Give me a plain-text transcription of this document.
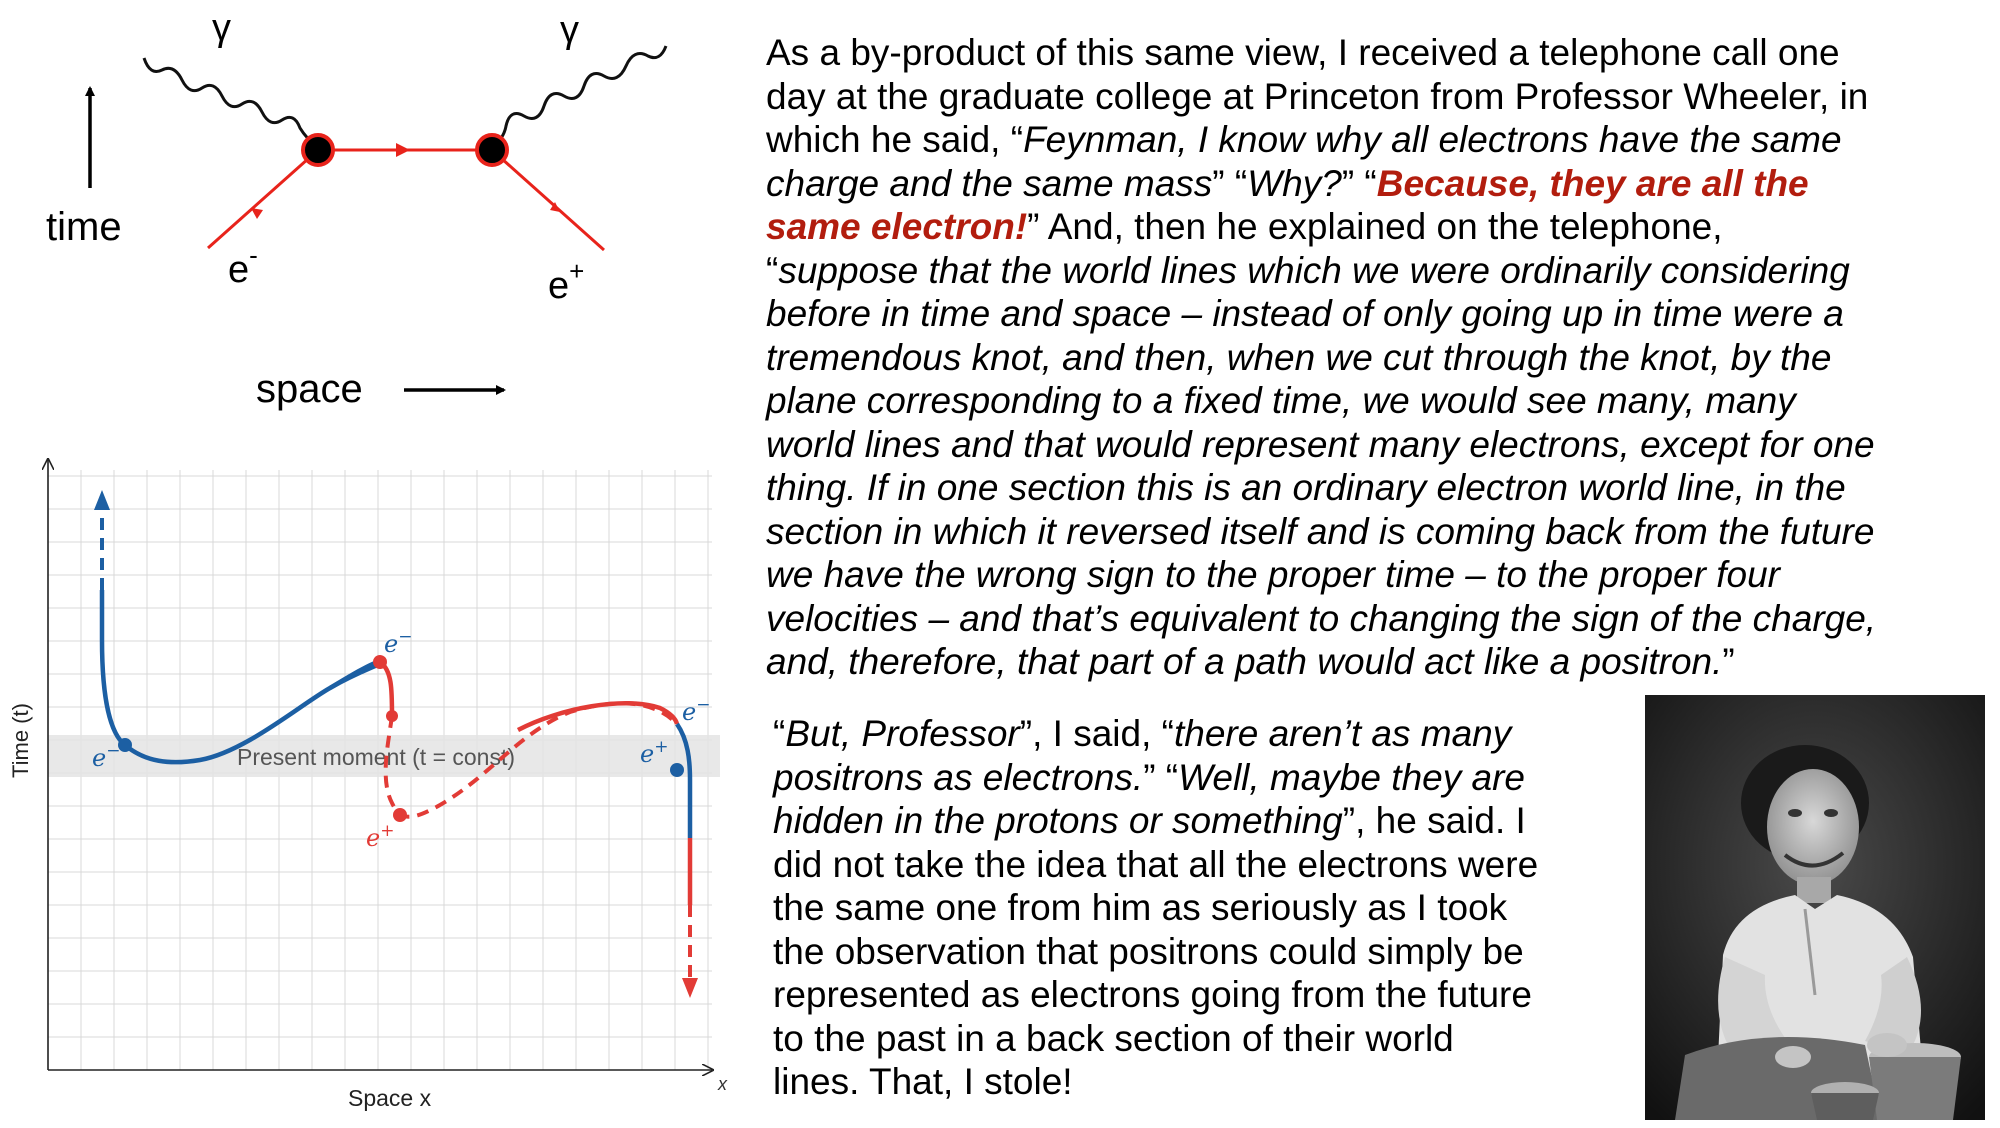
γ	γ
e-
e+
time
space
Present moment (t = const)
Time (t)
Space x
x
e−
e−
e+
e−
e+
As a by-product of this same view, I received a telephone call one
day at the graduate college at Princeton from Professor Wheeler, in
which he said, “Feynman, I know why all electrons have the same
charge and the same mass” “Why?” “Because, they are all the
same electron!” And, then he explained on the telephone,
“suppose that the world lines which we were ordinarily considering
before in time and space – instead of only going up in time were a
tremendous knot, and then, when we cut through the knot, by the
plane corresponding to a fixed time, we would see many, many
world lines and that would represent many electrons, except for one
thing. If in one section this is an ordinary electron world line, in the
section in which it reversed itself and is coming back from the future
we have the wrong sign to the proper time – to the proper four
velocities – and that’s equivalent to changing the sign of the charge,
and, therefore, that part of a path would act like a positron.”
“But, Professor”, I said, “there aren’t as many
positrons as electrons.” “Well, maybe they are
hidden in the protons or something”, he said. I
did not take the idea that all the electrons were
the same one from him as seriously as I took
the observation that positrons could simply be
represented as electrons going from the future
to the past in a back section of their world
lines. That, I stole!
